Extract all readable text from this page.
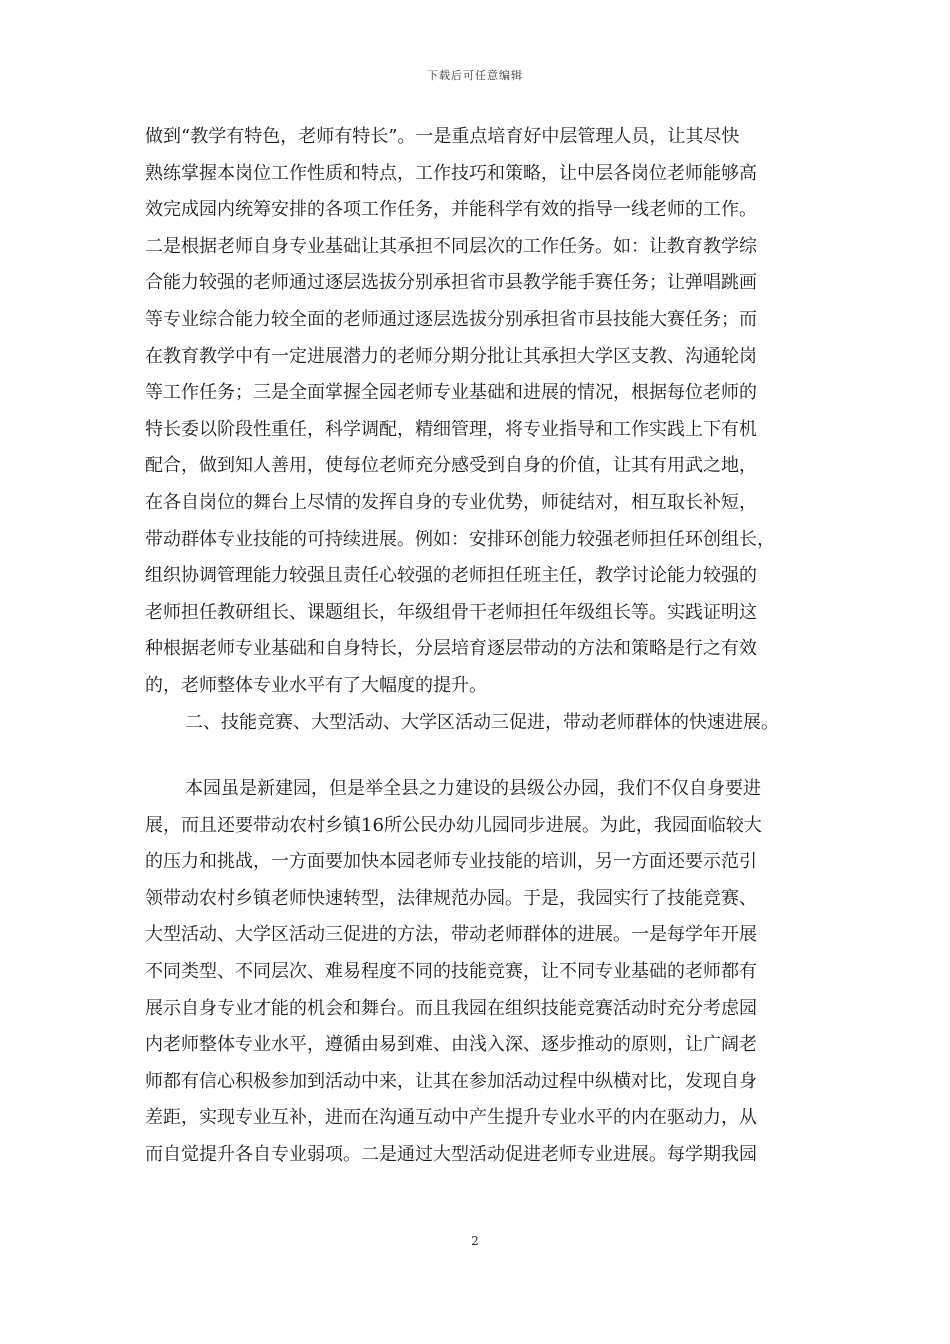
下载后可任意编辑
做到“教学有特色，老师有特长”。一是重点培育好中层管理人员，让其尽快
熟练掌握本岗位工作性质和特点，工作技巧和策略，让中层各岗位老师能够高
效完成园内统筹安排的各项工作任务，并能科学有效的指导一线老师的工作。
二是根据老师自身专业基础让其承担不同层次的工作任务。如：让教育教学综
合能力较强的老师通过逐层选拔分别承担省市县教学能手赛任务；让弹唱跳画
等专业综合能力较全面的老师通过逐层选拔分别承担省市县技能大赛任务；而
在教育教学中有一定进展潜力的老师分期分批让其承担大学区支教、沟通轮岗
等工作任务；三是全面掌握全园老师专业基础和进展的情况，根据每位老师的
特长委以阶段性重任，科学调配，精细管理，将专业指导和工作实践上下有机
配合，做到知人善用，使每位老师充分感受到自身的价值，让其有用武之地，
在各自岗位的舞台上尽情的发挥自身的专业优势，师徒结对，相互取长补短，
带动群体专业技能的可持续进展。例如：安排环创能力较强老师担任环创组长，
组织协调管理能力较强且责任心较强的老师担任班主任，教学讨论能力较强的
老师担任教研组长、课题组长，年级组骨干老师担任年级组长等。实践证明这
种根据老师专业基础和自身特长，分层培育逐层带动的方法和策略是行之有效
的，老师整体专业水平有了大幅度的提升。
二、技能竞赛、大型活动、大学区活动三促进，带动老师群体的快速进展。
本园虽是新建园，但是举全县之力建设的县级公办园，我们不仅自身要进
展，而且还要带动农村乡镇16所公民办幼儿园同步进展。为此，我园面临较大
的压力和挑战，一方面要加快本园老师专业技能的培训，另一方面还要示范引
领带动农村乡镇老师快速转型，法律规范办园。于是，我园实行了技能竞赛、
大型活动、大学区活动三促进的方法，带动老师群体的进展。一是每学年开展
不同类型、不同层次、难易程度不同的技能竞赛，让不同专业基础的老师都有
展示自身专业才能的机会和舞台。而且我园在组织技能竞赛活动时充分考虑园
内老师整体专业水平，遵循由易到难、由浅入深、逐步推动的原则，让广阔老
师都有信心积极参加到活动中来，让其在参加活动过程中纵横对比，发现自身
差距，实现专业互补，进而在沟通互动中产生提升专业水平的内在驱动力，从
而自觉提升各自专业弱项。二是通过大型活动促进老师专业进展。每学期我园
2
